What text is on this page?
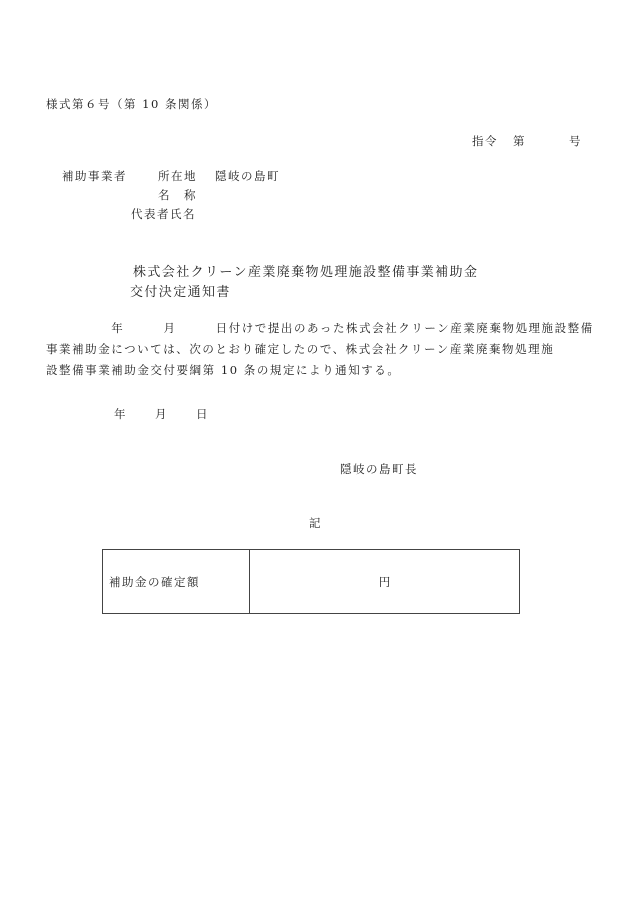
様式第６号（第 10 条関係）
指令 第	号
補助事業者	所在地 隠岐の島町
名　称
代表者氏名
株式会社クリーン産業廃棄物処理施設整備事業補助金
交付決定通知書
　　　　　年　　　月　　　日付けで提出のあった株式会社クリーン産業廃棄物処理施設整備
事業補助金については、次のとおり確定したので、株式会社クリーン産業廃棄物処理施
設整備事業補助金交付要綱第 10 条の規定により通知する。
年	月	日
隠岐の島町長
記
補助金の確定額	円
